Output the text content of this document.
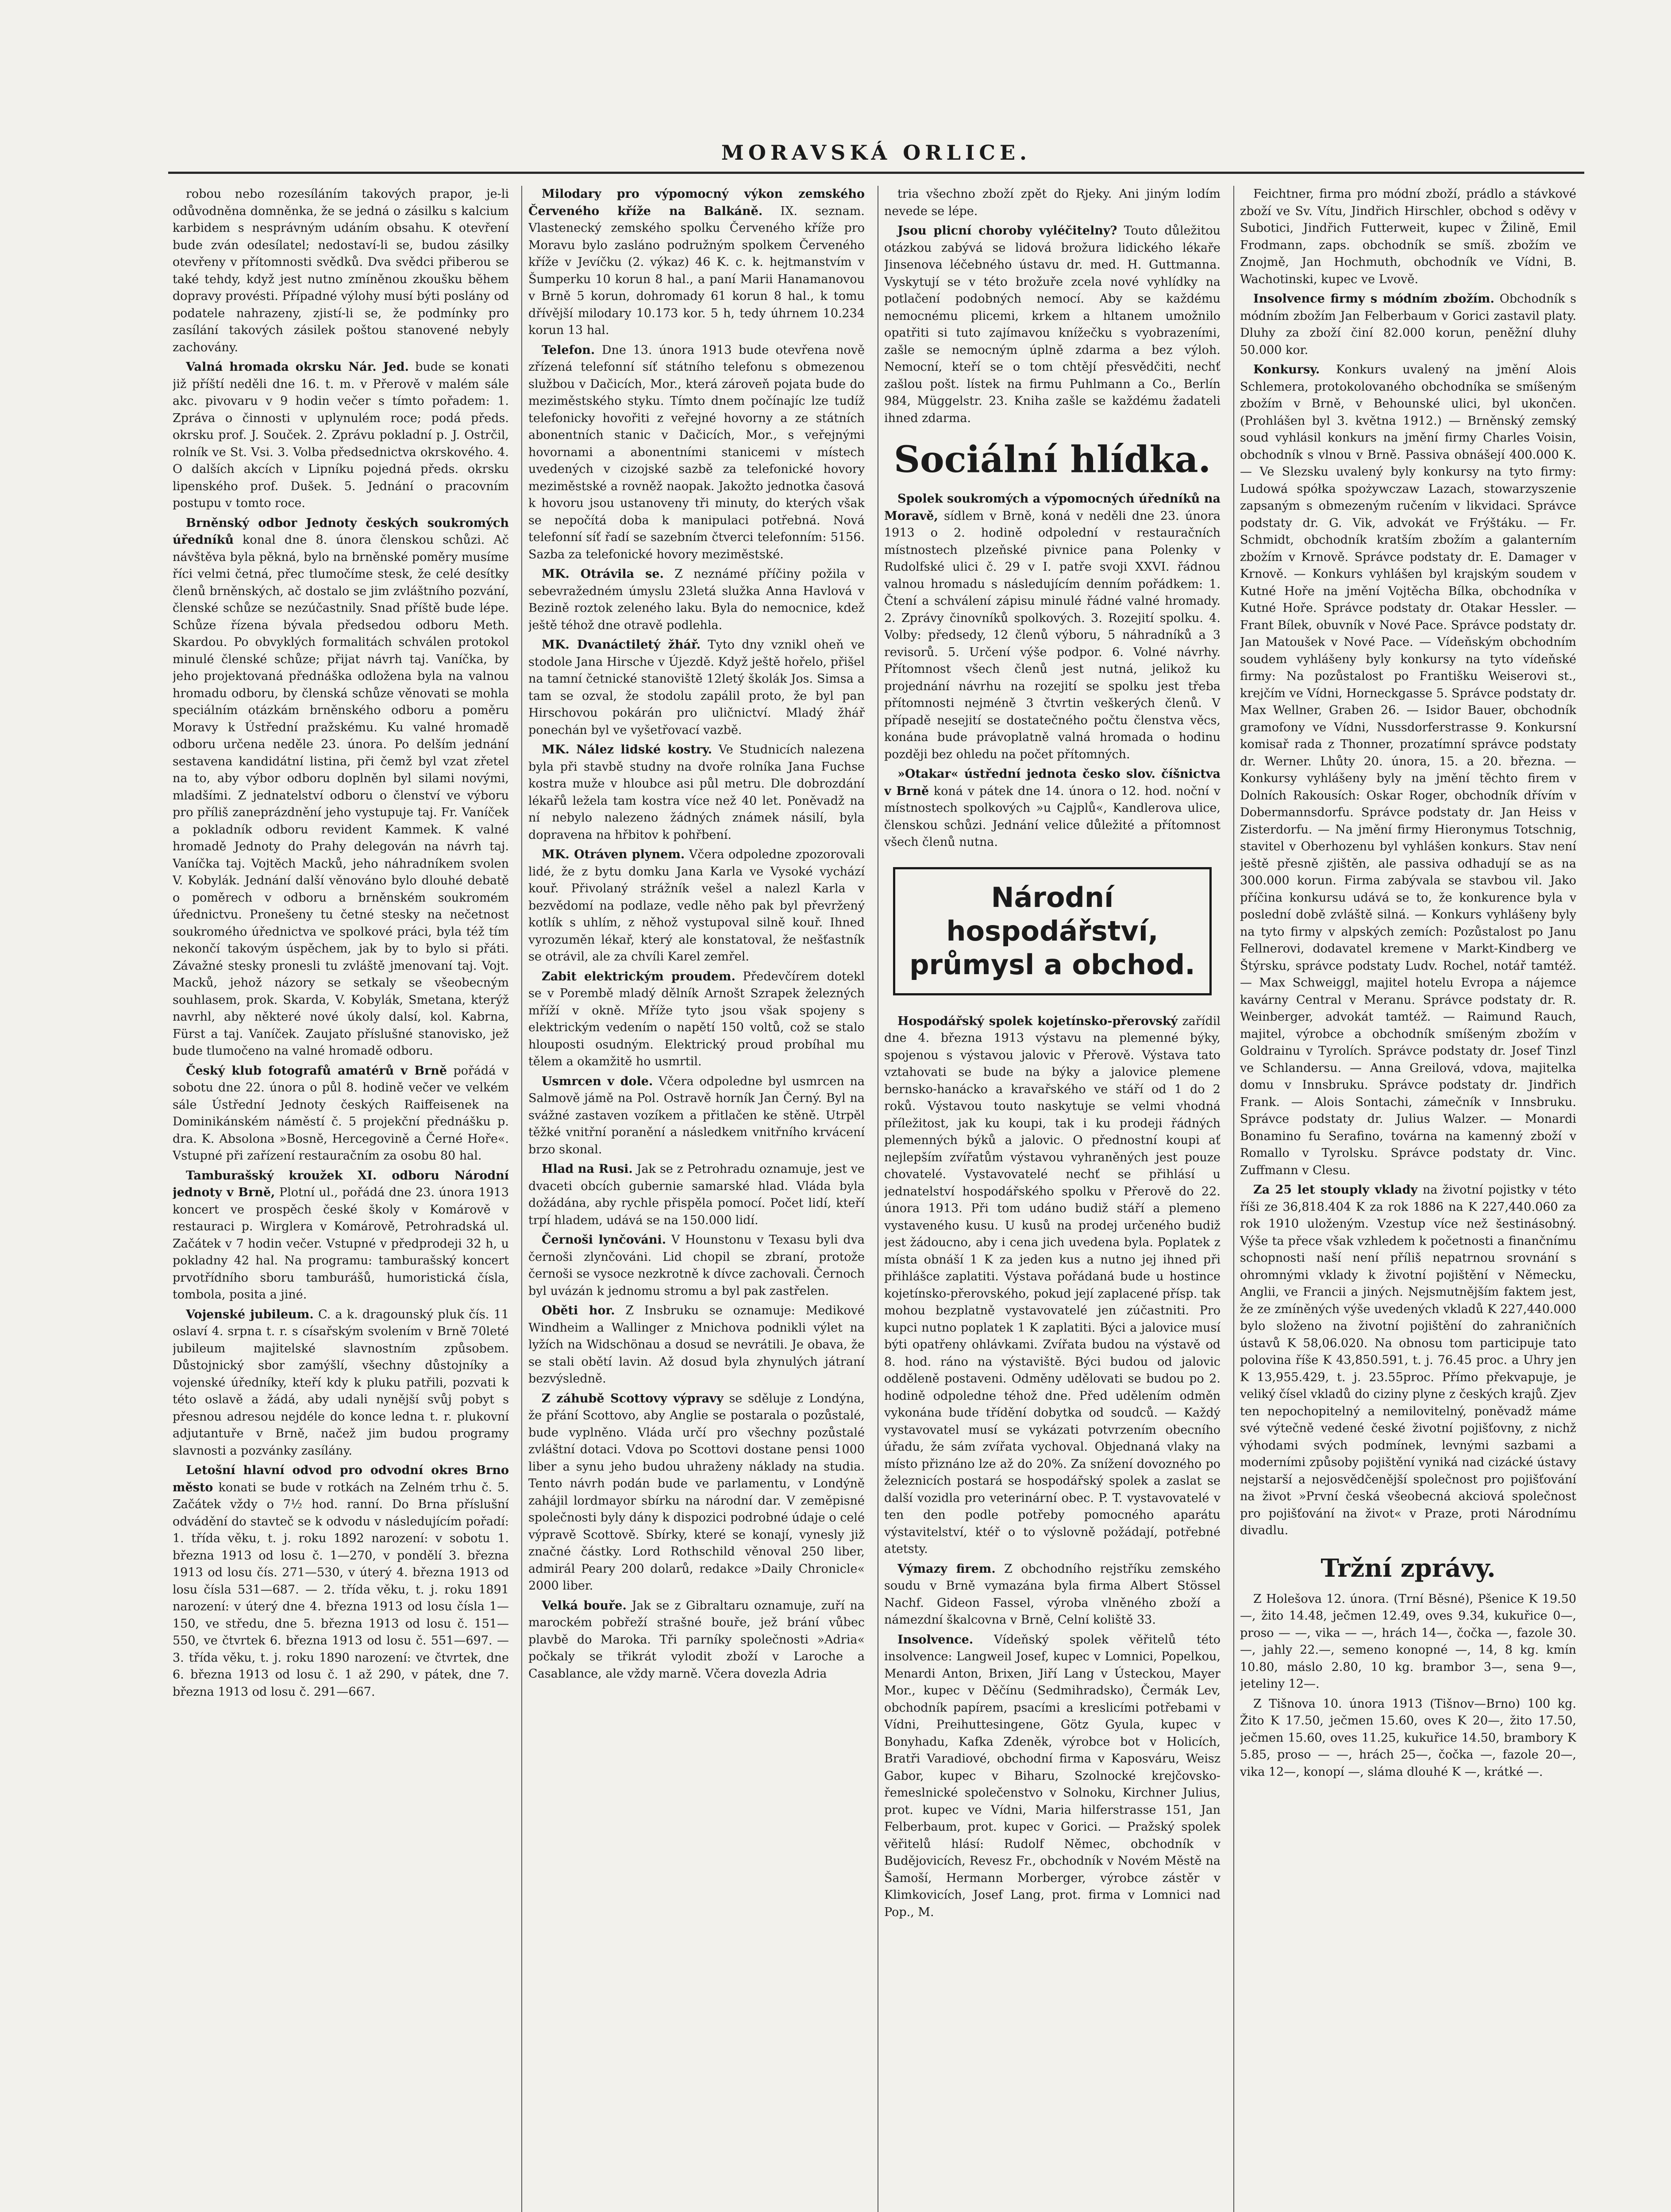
MORAVSKÁ ORLICE.

robou nebo rozesíláním takových prapor, je-li odůvodněna domněnka, že se jedná o zásilku s kalcium karbidem s nesprávným udáním obsahu. K otevření bude zván odesílatel; nedostaví-li se, budou zásilky otevřeny v přítomnosti svědků. Dva svědci přiberou se také tehdy, když jest nutno zmíněnou zkoušku během dopravy provésti. Případné výlohy musí býti poslány od podatele nahrazeny, zjistí-li se, že podmínky pro zasílání takových zásilek poštou stanovené nebyly zachovány.

Valná hromada okrsku Nár. Jed. bude se konati již příští neděli dne 16. t. m. v Přerově v malém sále akc. pivovaru v 9 hodin večer s tímto pořadem: 1. Zpráva o činnosti v uplynulém roce; podá předs. okrsku prof. J. Souček. 2. Zprávu pokladní p. J. Ostrčil, rolník ve St. Vsi. 3. Volba předsednictva okrskového. 4. O dalších akcích v Lipníku pojedná předs. okrsku lipenského prof. Dušek. 5. Jednání o pracovním postupu v tomto roce.

Brněnský odbor Jednoty českých soukromých úředníků konal dne 8. února členskou schůzi. Ač návštěva byla pěkná, bylo na brněnské poměry musíme říci velmi četná, přec tlumočíme stesk, že celé desítky členů brněnských, ač dostalo se jim zvláštního pozvání, členské schůze se nezúčastnily. Snad příště bude lépe. Schůze řízena bývala předsedou odboru Meth. Skardou. Po obvyklých formalitách schválen protokol minulé členské schůze; přijat návrh taj. Vaníčka, by jeho projektovaná přednáška odložena byla na valnou hromadu odboru, by členská schůze věnovati se mohla speciálním otázkám brněnského odboru a poměru Moravy k Ústřední pražskému. Ku valné hromadě odboru určena neděle 23. února. Po delším jednání sestavena kandidátní listina, při čemž byl vzat zřetel na to, aby výbor odboru doplněn byl silami novými, mladšími. Z jednatelství odboru o členství ve výboru pro příliš zaneprázdnění jeho vystupuje taj. Fr. Vaníček a pokladník odboru revident Kammek. K valné hromadě Jednoty do Prahy delegován na návrh taj. Vaníčka taj. Vojtěch Macků, jeho náhradníkem svolen V. Kobylák. Jednání další věnováno bylo dlouhé debatě o poměrech v odboru a brněnském soukromém úřednictvu. Pronešeny tu četné stesky na nečetnost soukromého úřednictva ve spolkové práci, byla též tím nekončí takovým úspěchem, jak by to bylo si přáti. Závažné stesky pronesli tu zvláště jmenovaní taj. Vojt. Macků, jehož názory se setkaly se všeobecným souhlasem, prok. Skarda, V. Kobylák, Smetana, kterýž navrhl, aby některé nové úkoly dalsí, kol. Kabrna, Fürst a taj. Vaníček. Zaujato příslušné stanovisko, jež bude tlumočeno na valné hromadě odboru.

Český klub fotografů amatérů v Brně pořádá v sobotu dne 22. února o půl 8. hodině večer ve velkém sále Ústřední Jednoty českých Raiffeisenek na Dominikánském náměstí č. 5 projekční přednášku p. dra. K. Absolona »Bosně, Hercegovině a Černé Hoře«. Vstupné při zařízení restauračním za osobu 80 hal.

Tamburašský kroužek XI. odboru Národní jednoty v Brně, Plotní ul., pořádá dne 23. února 1913 koncert ve prospěch české školy v Komárově v restauraci p. Wirglera v Komárově, Petrohradská ul. Začátek v 7 hodin večer. Vstupné v předprodeji 32 h, u pokladny 42 hal. Na programu: tamburašský koncert prvotřídního sboru tamburášů, humoristická čísla, tombola, posita a jiné.

Vojenské jubileum. C. a k. dragounský pluk čís. 11 oslaví 4. srpna t. r. s císařským svolením v Brně 70leté jubileum majitelské slavnostním způsobem. Důstojnický sbor zamýšlí, všechny důstojníky a vojenské úředníky, kteří kdy k pluku patřili, pozvati k této oslavě a žádá, aby udali nynější svůj pobyt s přesnou adresou nejdéle do konce ledna t. r. plukovní adjutantuře v Brně, načež jim budou programy slavnosti a pozvánky zasílány.

Letošní hlavní odvod pro odvodní okres Brno město konati se bude v rotkách na Zelném trhu č. 5. Začátek vždy o 7½ hod. ranní. Do Brna příslušní odvádění do stavteč se k odvodu v následujícím pořadí: 1. třída věku, t. j. roku 1892 narození: v sobotu 1. března 1913 od losu č. 1—270, v pondělí 3. března 1913 od losu čís. 271—530, v úterý 4. března 1913 od losu čísla 531—687. — 2. třída věku, t. j. roku 1891 narození: v úterý dne 4. března 1913 od losu čísla 1—150, ve středu, dne 5. března 1913 od losu č. 151—550, ve čtvrtek 6. března 1913 od losu č. 551—697. — 3. třída věku, t. j. roku 1890 narození: ve čtvrtek, dne 6. března 1913 od losu č. 1 až 290, v pátek, dne 7. března 1913 od losu č. 291—667.

Milodary pro výpomocný výkon zemského Červeného kříže na Balkáně. IX. seznam. Vlastenecký zemského spolku Červeného kříže pro Moravu bylo zasláno podružným spolkem Červeného kříže v Jevíčku (2. výkaz) 46 K. c. k. hejtmanstvím v Šumperku 10 korun 8 hal., a paní Marii Hanamanovou v Brně 5 korun, dohromady 61 korun 8 hal., k tomu dřívější milodary 10.173 kor. 5 h, tedy úhrnem 10.234 korun 13 hal.

Telefon. Dne 13. února 1913 bude otevřena nově zřízená telefonní síť státního telefonu s obmezenou službou v Dačicích, Mor., která zároveň pojata bude do meziměstského styku. Tímto dnem počínajíc lze tudíž telefonicky hovořiti z veřejné hovorny a ze státních abonentních stanic v Dačicích, Mor., s veřejnými hovornami a abonentními stanicemi v místech uvedených v cizojské sazbě za telefonické hovory meziměstské a rovněž naopak. Jakožto jednotka časová k hovoru jsou ustanoveny tři minuty, do kterých však se nepočítá doba k manipulaci potřebná. Nová telefonní síť řadí se sazebním čtverci telefonním: 5156. Sazba za telefonické hovory meziměstské.

MK. Otrávila se. Z neznámé příčiny požila v sebevražedném úmyslu 23letá služka Anna Havlová v Bezině roztok zeleného laku. Byla do nemocnice, kdež ještě téhož dne otravě podlehla.

MK. Dvanáctiletý žhář. Tyto dny vznikl oheň ve stodole Jana Hirsche v Újezdě. Když ještě hořelo, přišel na tamní četnické stanoviště 12letý školák Jos. Simsa a tam se ozval, že stodolu zapálil proto, že byl pan Hirschovou pokárán pro uličnictví. Mladý žhář ponechán byl ve vyšetřovací vazbě.

MK. Nález lidské kostry. Ve Studnicích nalezena byla při stavbě studny na dvoře rolníka Jana Fuchse kostra muže v hloubce asi půl metru. Dle dobrozdání lékařů ležela tam kostra více než 40 let. Poněvadž na ní nebylo nalezeno žádných známek násilí, byla dopravena na hřbitov k pohřbení.

MK. Otráven plynem. Včera odpoledne zpozorovali lidé, že z bytu domku Jana Karla ve Vysoké vychází kouř. Přivolaný strážník vešel a nalezl Karla v bezvědomí na podlaze, vedle něho pak byl převržený kotlík s uhlím, z něhož vystupoval silně kouř. Ihned vyrozuměn lékař, který ale konstatoval, že nešťastník se otrávil, ale za chvíli Karel zemřel.

Zabit elektrickým proudem. Předevčírem dotekl se v Porembě mladý dělník Arnošt Szrapek železných mříží v okně. Mříže tyto jsou však spojeny s elektrickým vedením o napětí 150 voltů, což se stalo hlouposti osudným. Elektrický proud probíhal mu tělem a okamžitě ho usmrtil.

Usmrcen v dole. Včera odpoledne byl usmrcen na Salmově jámě na Pol. Ostravě horník Jan Černý. Byl na svážné zastaven vozíkem a přitlačen ke stěně. Utrpěl těžké vnitřní poranění a následkem vnitřního krvácení brzo skonal.

Hlad na Rusi. Jak se z Petrohradu oznamuje, jest ve dvaceti obcích gubernie samarské hlad. Vláda byla dožádána, aby rychle přispěla pomocí. Počet lidí, kteří trpí hladem, udává se na 150.000 lidí.

Černoši lynčováni. V Hounstonu v Texasu byli dva černoši zlynčováni. Lid chopil se zbraní, protože černoši se vysoce nezkrotně k dívce zachovali. Černoch byl uvázán k jednomu stromu a byl pak zastřelen.

Oběti hor. Z Insbruku se oznamuje: Medikové Windheim a Wallinger z Mnichova podnikli výlet na lyžích na Widschönau a dosud se nevrátili. Je obava, že se stali obětí lavin. Až dosud byla zhynulých játraní bezvýsledně.

Z záhubě Scottovy výpravy se sděluje z Londýna, že přání Scottovo, aby Anglie se postarala o pozůstalé, bude vyplněno. Vláda určí pro všechny pozůstalé zvláštní dotaci. Vdova po Scottovi dostane pensi 1000 liber a synu jeho budou uhraženy náklady na studia. Tento návrh podán bude ve parlamentu, v Londýně zahájil lordmayor sbírku na národní dar. V zeměpisné společnosti byly dány k dispozici podrobné údaje o celé výpravě Scottově. Sbírky, které se konají, vynesly již značné částky. Lord Rothschild věnoval 250 liber, admirál Peary 200 dolarů, redakce »Daily Chronicle« 2000 liber.

Velká bouře. Jak se z Gibraltaru oznamuje, zuří na marockém pobřeží strašné bouře, jež brání vůbec plavbě do Maroka. Tři parníky společnosti »Adria« počkaly se třikrát vylodit zboží v Laroche a Casablance, ale vždy marně. Včera dovezla Adria

tria všechno zboží zpět do Rjeky. Ani jiným lodím nevede se lépe.

Jsou plicní choroby vyléčitelny? Touto důležitou otázkou zabývá se lidová brožura lidického lékaře Jinsenova léčebného ústavu dr. med. H. Guttmanna. Vyskytují se v této brožuře zcela nové vyhlídky na potlačení podobných nemocí. Aby se každému nemocnému plicemi, krkem a hltanem umožnilo opatřiti si tuto zajímavou knížečku s vyobrazeními, zašle se nemocným úplně zdarma a bez výloh. Nemocní, kteří se o tom chtějí přesvědčiti, nechť zašlou pošt. lístek na firmu Puhlmann a Co., Berlín 984, Müggelstr. 23. Kniha zašle se každému žadateli ihned zdarma.

Sociální hlídka.

Spolek soukromých a výpomocných úředníků na Moravě, sídlem v Brně, koná v neděli dne 23. února 1913 o 2. hodině odpolední v restauračních místnostech plzeňské pivnice pana Polenky v Rudolfské ulici č. 29 v I. patře svoji XXVI. řádnou valnou hromadu s následujícím denním pořádkem: 1. Čtení a schválení zápisu minulé řádné valné hromady. 2. Zprávy činovníků spolkových. 3. Rozejití spolku. 4. Volby: předsedy, 12 členů výboru, 5 náhradníků a 3 revisorů. 5. Určení výše podpor. 6. Volné návrhy. Přítomnost všech členů jest nutná, jelikož ku projednání návrhu na rozejití se spolku jest třeba přítomnosti nejméně 3 čtvrtin veškerých členů. V případě nesejití se dostatečného počtu členstva věcs, konána bude právoplatně valná hromada o hodinu později bez ohledu na počet přítomných.

»Otakar« ústřední jednota česko slov. číšnictva v Brně koná v pátek dne 14. února o 12. hod. noční v místnostech spolkových »u Cajplů«, Kandlerova ulice, členskou schůzi. Jednání velice důležité a přítomnost všech členů nutna.

Národní hospodářství,
průmysl a obchod.

Hospodářský spolek kojetínsko-přerovský zařídil dne 4. března 1913 výstavu na plemenné býky, spojenou s výstavou jalovic v Přerově. Výstava tato vztahovati se bude na býky a jalovice plemene bernsko-hanácko a kravařského ve stáří od 1 do 2 roků. Výstavou touto naskytuje se velmi vhodná příležitost, jak ku koupi, tak i ku prodeji řádných plemenných býků a jalovic. O přednostní koupi ať nejlepším zvířatům výstavou vyhraněných jest pouze chovatelé. Vystavovatelé nechť se přihlásí u jednatelství hospodářského spolku v Přerově do 22. února 1913. Při tom udáno budiž stáří a plemeno vystaveného kusu. U kusů na prodej určeného budiž jest žádoucno, aby i cena jich uvedena byla. Poplatek z místa obnáší 1 K za jeden kus a nutno jej ihned při přihlášce zaplatiti. Výstava pořádaná bude u hostince kojetínsko-přerovského, pokud její zaplacené přísp. tak mohou bezplatně vystavovatelé jen zúčastniti. Pro kupci nutno poplatek 1 K zaplatiti. Býci a jalovice musí býti opatřeny ohlávkami. Zvířata budou na výstavě od 8. hod. ráno na výstaviště. Býci budou od jalovic odděleně postaveni. Odměny udělovati se budou po 2. hodině odpoledne téhož dne. Před udělením odměn vykonána bude třídění dobytka od soudců. — Každý vystavovatel musí se vykázati potvrzením obecního úřadu, že sám zvířata vychoval. Objednaná vlaky na místo přiznáno lze až do 20%. Za snížení dovozného po železnicích postará se hospodářský spolek a zaslat se další vozidla pro veterinární obec. P. T. vystavovatelé v ten den podle potřeby pomocného aparátu výstavitelství, ktéř o to výslovně požádají, potřebné atetsty.

Výmazy firem. Z obchodního rejstříku zemského soudu v Brně vymazána byla firma Albert Stössel Nachf. Gideon Fassel, výroba vlněného zboží a námezdní škalcovna v Brně, Celní koliště 33.

Insolvence. Vídeňský spolek věřitelů této insolvence: Langweil Josef, kupec v Lomnici, Popelkou, Menardi Anton, Brixen, Jiří Lang v Ústeckou, Mayer Mor., kupec v Děčínu (Sedmihradsko), Čermák Lev, obchodník papírem, psacími a kreslicími potřebami v Vídni, Preihuttesingene, Götz Gyula, kupec v Bonyhadu, Kafka Zdeněk, výrobce bot v Holicích, Bratři Varadiové, obchodní firma v Kaposváru, Weisz Gabor, kupec v Biharu, Szolnocké krejčovsko-řemeslnické společenstvo v Solnoku, Kirchner Julius, prot. kupec ve Vídni, Maria hilferstrasse 151, Jan Felberbaum, prot. kupec v Gorici. — Pražský spolek věřitelů hlásí: Rudolf Němec, obchodník v Budějovicích, Revesz Fr., obchodník v Novém Městě na Šamoší, Hermann Morberger, výrobce zástěr v Klimkovicích, Josef Lang, prot. firma v Lomnici nad Pop., M.

Feichtner, firma pro módní zboží, prádlo a stávkové zboží ve Sv. Vítu, Jindřich Hirschler, obchod s oděvy v Subotici, Jindřich Futterweit, kupec v Žilině, Emil Frodmann, zaps. obchodník se smíš. zbožím ve Znojmě, Jan Hochmuth, obchodník ve Vídni, B. Wachotinski, kupec ve Lvově.

Insolvence firmy s módním zbožím. Obchodník s módním zbožím Jan Felberbaum v Gorici zastavil platy. Dluhy za zboží činí 82.000 korun, peněžní dluhy 50.000 kor.

Konkursy. Konkurs uvalený na jmění Alois Schlemera, protokolovaného obchodníka se smíšeným zbožím v Brně, v Behounské ulici, byl ukončen. (Prohlášen byl 3. května 1912.) — Brněnský zemský soud vyhlásil konkurs na jmění firmy Charles Voisin, obchodník s vlnou v Brně. Passiva obnášejí 400.000 K. — Ve Slezsku uvalený byly konkursy na tyto firmy: Ludowá spółka spożywczaw Lazach, stowarzyszenie zapsaným s obmezeným ručením v likvidaci. Správce podstaty dr. G. Vik, advokát ve Frýštáku. — Fr. Schmidt, obchodník kratším zbožím a galanterním zbožím v Krnově. Správce podstaty dr. E. Damager v Krnově. — Konkurs vyhlášen byl krajským soudem v Kutné Hoře na jmění Vojtěcha Bílka, obchodníka v Kutné Hoře. Správce podstaty dr. Otakar Hessler. — Frant Bílek, obuvník v Nové Pace. Správce podstaty dr. Jan Matoušek v Nové Pace. — Vídeňským obchodním soudem vyhlášeny byly konkursy na tyto vídeňské firmy: Na pozůstalost po Františku Weiserovi st., krejčím ve Vídni, Horneckgasse 5. Správce podstaty dr. Max Wellner, Graben 26. — Isidor Bauer, obchodník gramofony ve Vídni, Nussdorferstrasse 9. Konkursní komisař rada z Thonner, prozatímní správce podstaty dr. Werner. Lhůty 20. února, 15. a 20. března. — Konkursy vyhlášeny byly na jmění těchto firem v Dolních Rakousích: Oskar Roger, obchodník dřívím v Dobermannsdorfu. Správce podstaty dr. Jan Heiss v Zisterdorfu. — Na jmění firmy Hieronymus Totschnig, stavitel v Oberhozenu byl vyhlášen konkurs. Stav není ještě přesně zjištěn, ale passiva odhadují se as na 300.000 korun. Firma zabývala se stavbou vil. Jako příčina konkursu udává se to, že konkurence byla v poslední době zvláště silná. — Konkurs vyhlášeny byly na tyto firmy v alpských zemích: Pozůstalost po Janu Fellnerovi, dodavatel kremene v Markt-Kindberg ve Štýrsku, správce podstaty Ludv. Rochel, notář tamtéž. — Max Schweiggl, majitel hotelu Evropa a nájemce kavárny Central v Meranu. Správce podstaty dr. R. Weinberger, advokát tamtéž. — Raimund Rauch, majitel, výrobce a obchodník smíšeným zbožím v Goldrainu v Tyrolích. Správce podstaty dr. Josef Tinzl ve Schlandersu. — Anna Greilová, vdova, majitelka domu v Innsbruku. Správce podstaty dr. Jindřich Frank. — Alois Sontachi, zámečník v Innsbruku. Správce podstaty dr. Julius Walzer. — Monardi Bonamino fu Serafino, továrna na kamenný zboží v Romallo v Tyrolsku. Správce podstaty dr. Vinc. Zuffmann v Clesu.

Za 25 let stouply vklady na životní pojistky v této říši ze 36,818.404 K za rok 1886 na K 227,440.060 za rok 1910 uloženým. Vzestup více než šestinásobný. Výše ta přece však vzhledem k početnosti a finančnímu schopnosti naší není příliš nepatrnou srovnání s ohromnými vklady k životní pojištění v Německu, Anglii, ve Francii a jiných. Nejsmutnějším faktem jest, že ze zmíněných výše uvedených vkladů K 227,440.000 bylo složeno na životní pojištění do zahraničních ústavů K 58,06.020. Na obnosu tom participuje tato polovina říše K 43,850.591, t. j. 76.45 proc. a Uhry jen K 13,955.429, t. j. 23.55proc. Přímo překvapuje, je veliký čísel vkladů do ciziny plyne z českých krajů. Zjev ten nepochopitelný a nemilovitelný, poněvadž máme své výtečně vedené české životní pojišťovny, z nichž výhodami svých podmínek, levnými sazbami a moderními způsoby pojištění vyniká nad cizácké ústavy nejstarší a nejosvědčenější společnost pro pojišťování na život »První česká všeobecná akciová společnost pro pojišťování na život« v Praze, proti Národnímu divadlu.

Tržní zprávy.

Z Holešova 12. února. (Trní Běsné), Pšenice K 19.50—, žito 14.48, ječmen 12.49, oves 9.34, kukuřice 0—, proso — —, vika — —, hrách 14—, čočka —, fazole 30.—, jahly 22.—, semeno konopné —, 14, 8 kg. kmín 10.80, máslo 2.80, 10 kg. brambor 3—, sena 9—, jeteliny 12—.

Z Tišnova 10. února 1913 (Tišnov—Brno) 100 kg. Žito K 17.50, ječmen 15.60, oves K 20—, žito 17.50, ječmen 15.60, oves 11.25, kukuřice 14.50, brambory K 5.85, proso — —, hrách 25—, čočka —, fazole 20—, vika 12—, konopí —, sláma dlouhé K —, krátké —.
